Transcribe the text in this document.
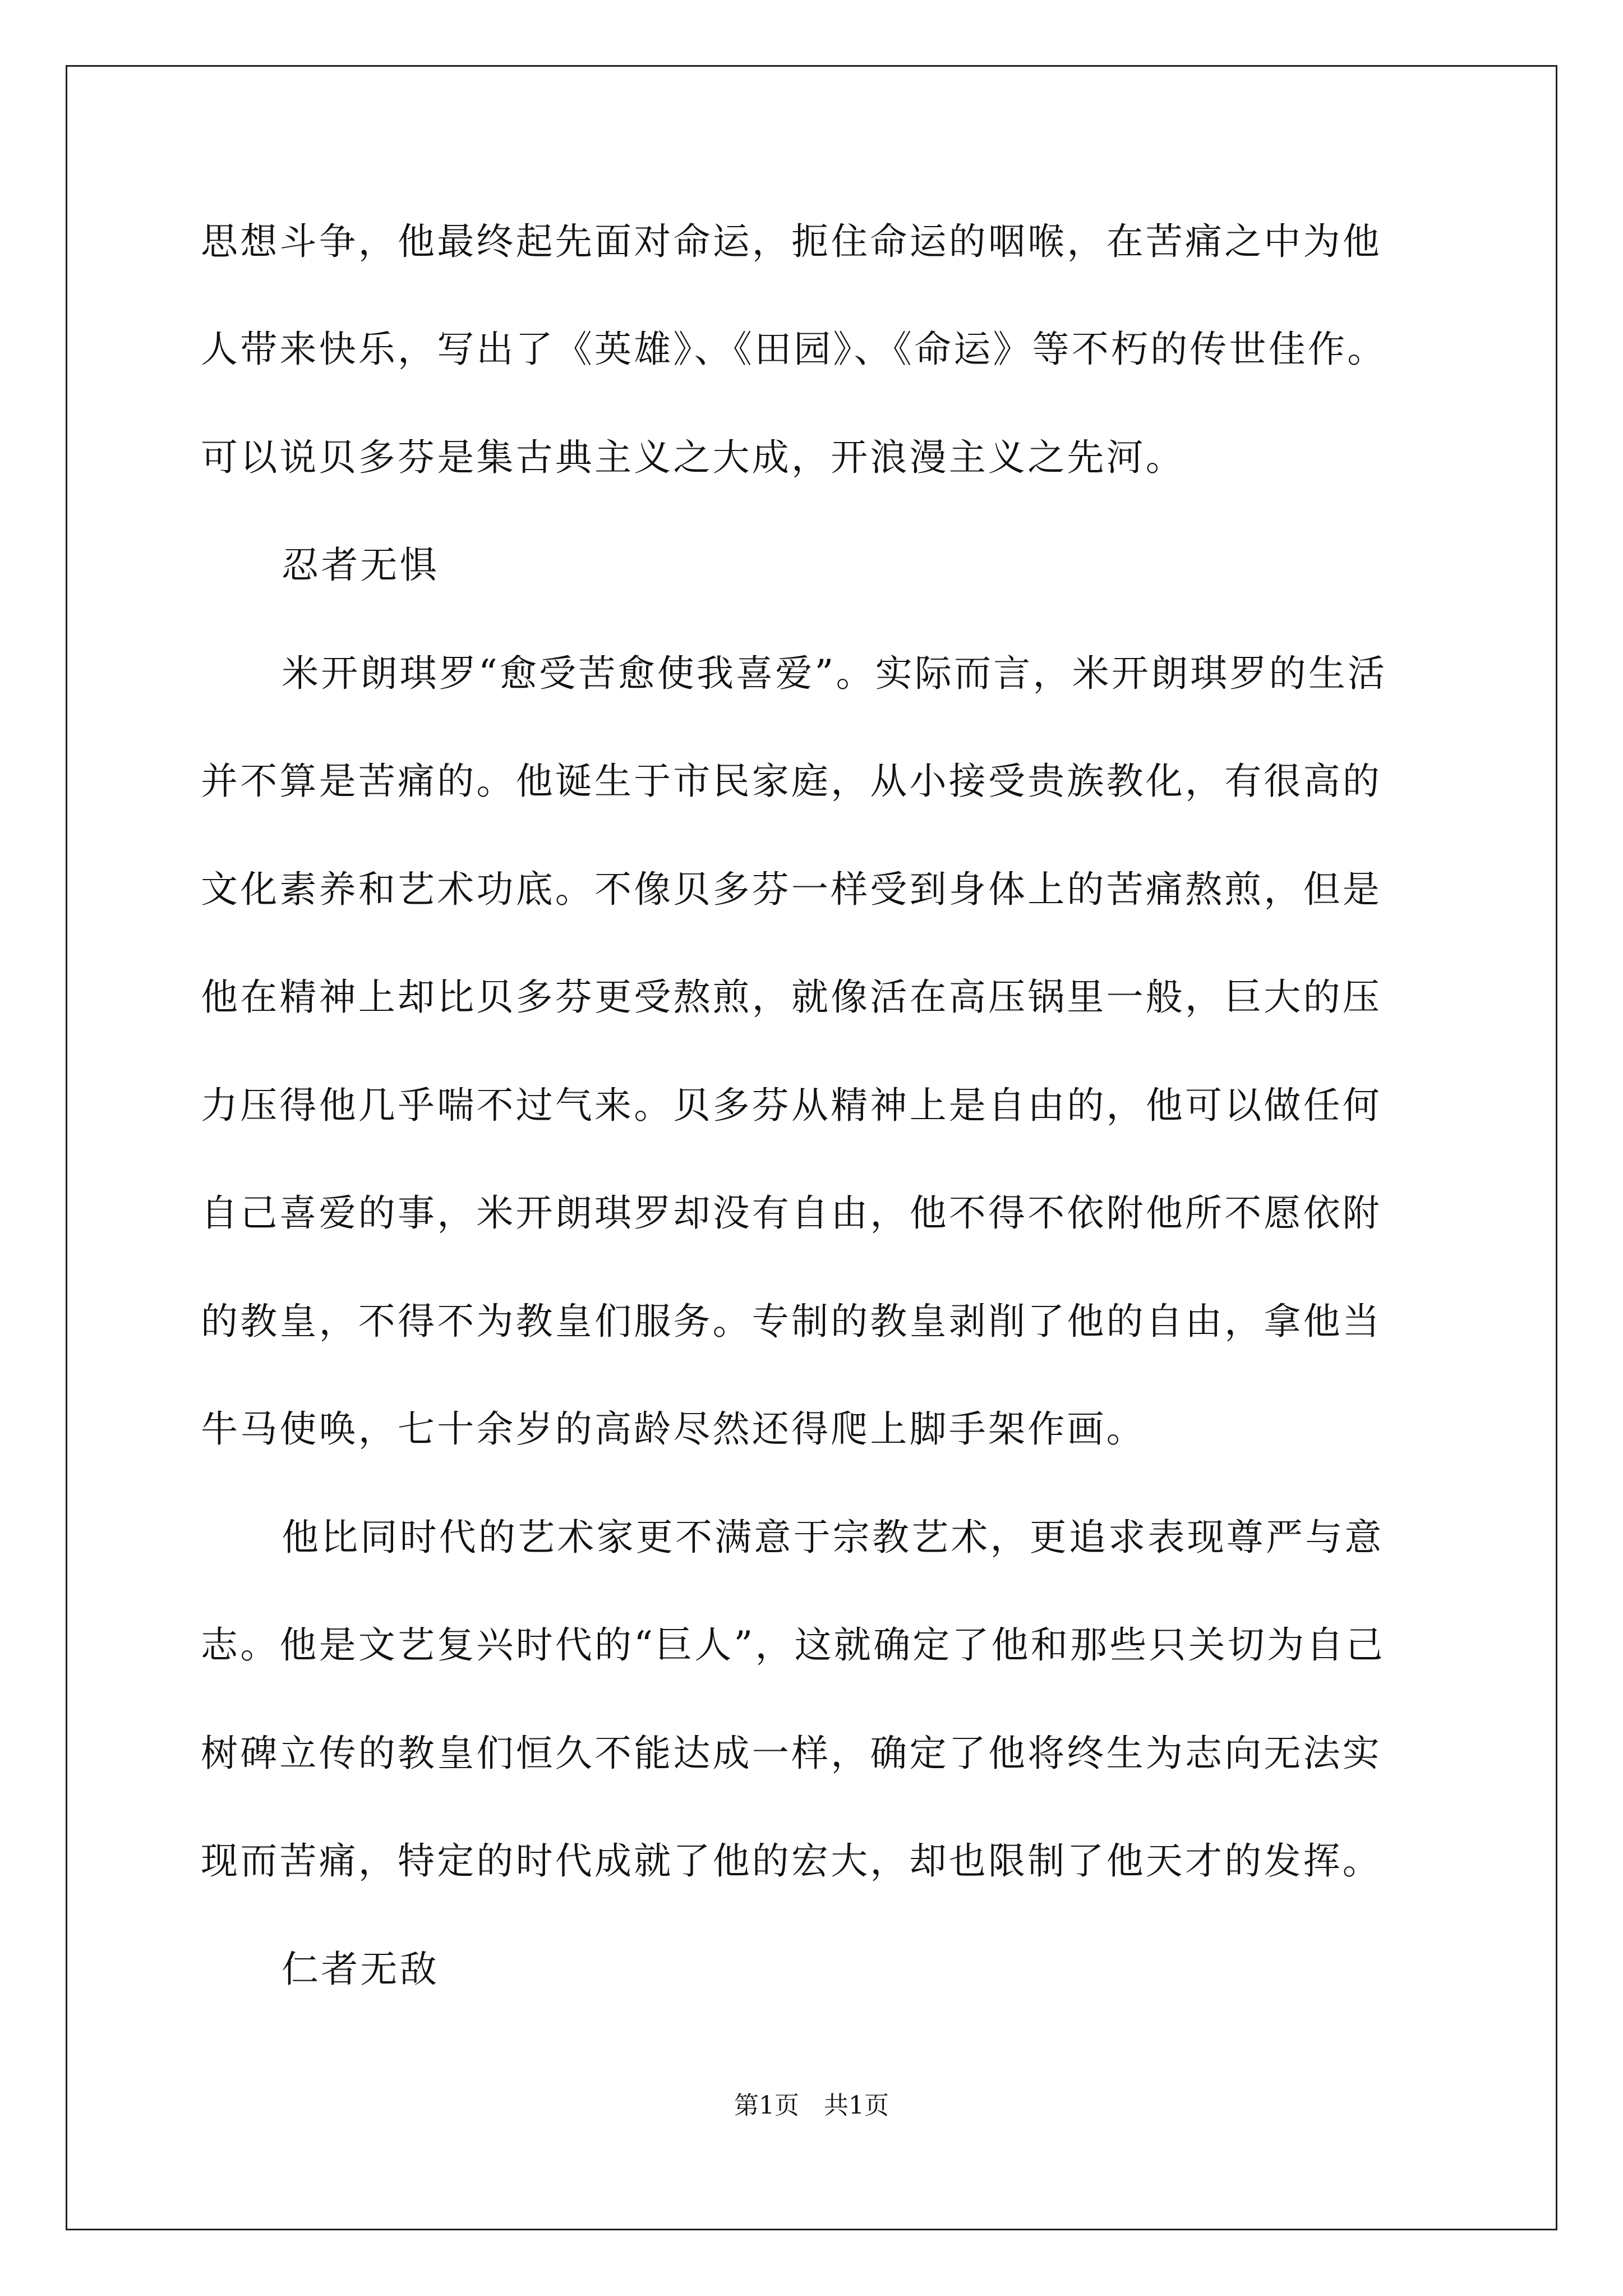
思想斗争，他最终起先面对命运，扼住命运的咽喉，在苦痛之中为他
人带来快乐，写出了《英雄》、《田园》、《命运》等不朽的传世佳作。
可以说贝多芬是集古典主义之大成，开浪漫主义之先河。
忍者无惧
米开朗琪罗“愈受苦愈使我喜爱”。实际而言，米开朗琪罗的生活
并不算是苦痛的。他诞生于市民家庭，从小接受贵族教化，有很高的
文化素养和艺术功底。不像贝多芬一样受到身体上的苦痛熬煎，但是
他在精神上却比贝多芬更受熬煎，就像活在高压锅里一般，巨大的压
力压得他几乎喘不过气来。贝多芬从精神上是自由的，他可以做任何
自己喜爱的事，米开朗琪罗却没有自由，他不得不依附他所不愿依附
的教皇，不得不为教皇们服务。专制的教皇剥削了他的自由，拿他当
牛马使唤，七十余岁的高龄尽然还得爬上脚手架作画。
他比同时代的艺术家更不满意于宗教艺术，更追求表现尊严与意
志。他是文艺复兴时代的“巨人”，这就确定了他和那些只关切为自己
树碑立传的教皇们恒久不能达成一样，确定了他将终生为志向无法实
现而苦痛，特定的时代成就了他的宏大，却也限制了他天才的发挥。
仁者无敌
第1页　共1页
